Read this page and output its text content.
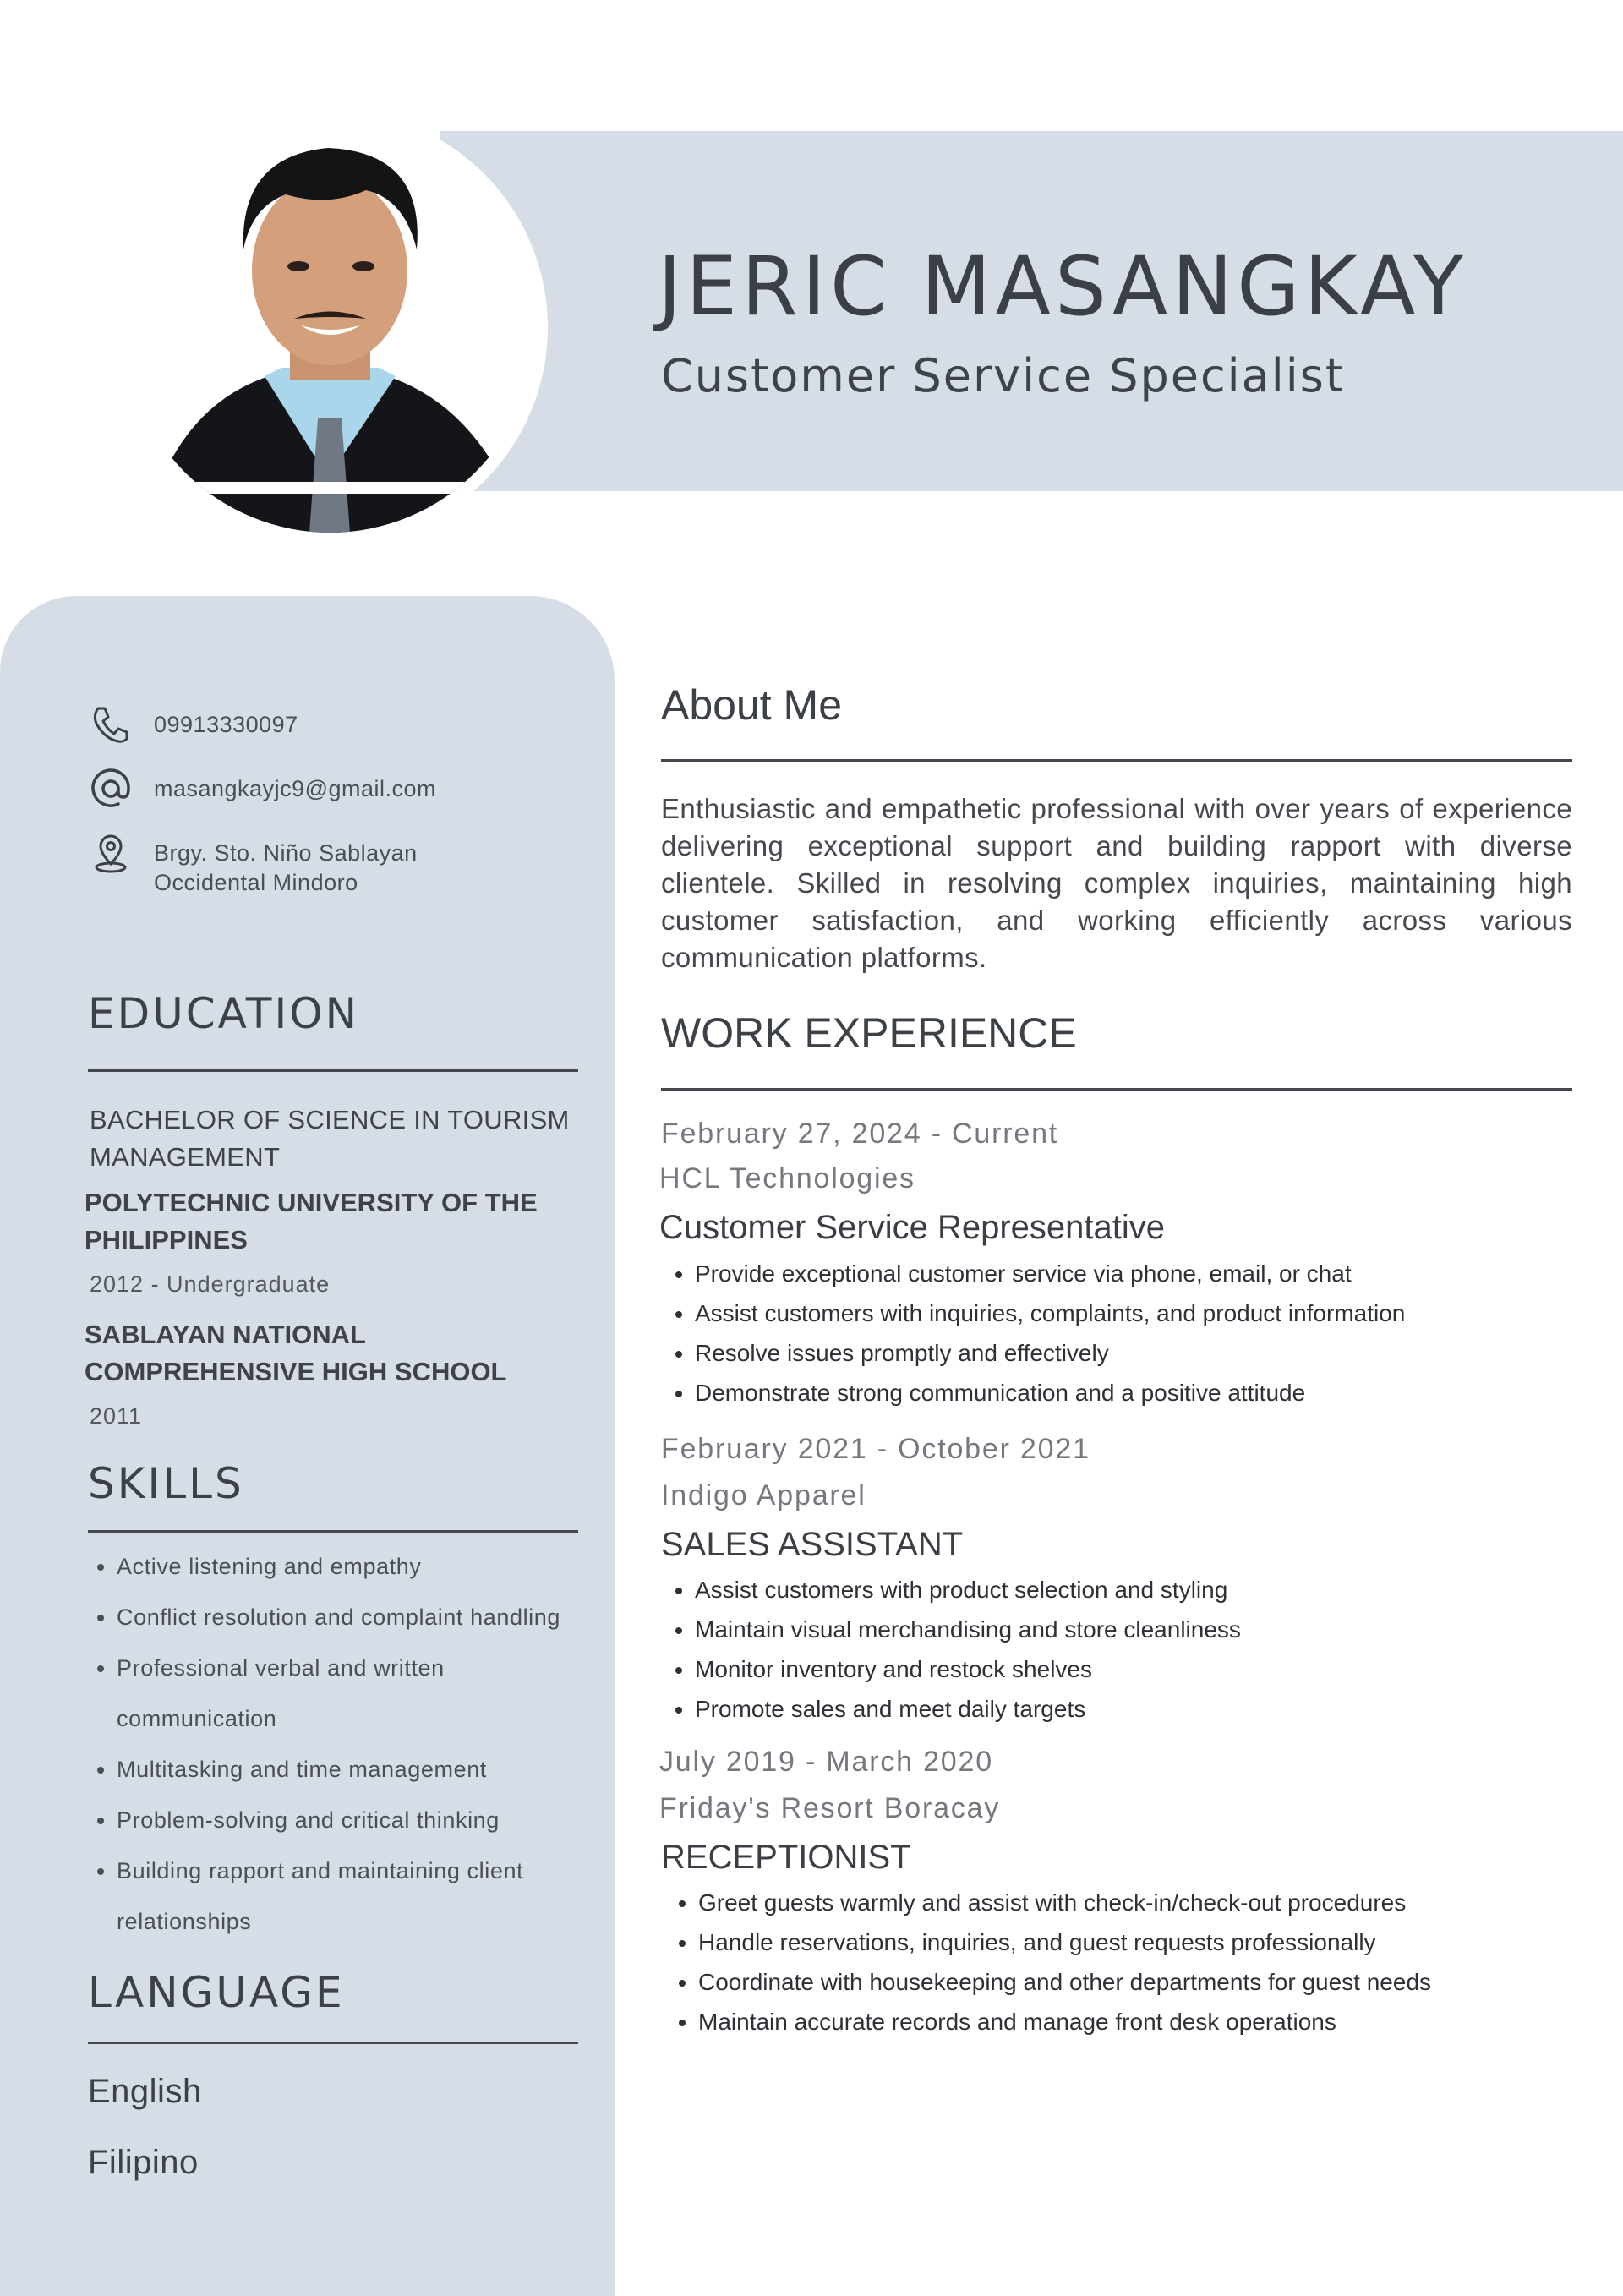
JERIC MASANGKAY
Customer Service Specialist
09913330097
masangkayjc9@gmail.com
Brgy. Sto. Niño Sablayan
Occidental Mindoro
EDUCATION
BACHELOR OF SCIENCE IN TOURISM MANAGEMENT
POLYTECHNIC UNIVERSITY OF THE PHILIPPINES
2012 - Undergraduate
SABLAYAN NATIONAL COMPREHENSIVE HIGH SCHOOL
2011
SKILLS
• Active listening and empathy
• Conflict resolution and complaint handling
• Professional verbal and written communication
• Multitasking and time management
• Problem-solving and critical thinking
• Building rapport and maintaining client relationships
LANGUAGE
English
Filipino
About Me
Enthusiastic and empathetic professional with over years of experience delivering exceptional support and building rapport with diverse clientele. Skilled in resolving complex inquiries, maintaining high customer satisfaction, and working efficiently across various communication platforms.
WORK EXPERIENCE
February 27, 2024 - Current
HCL Technologies
Customer Service Representative
• Provide exceptional customer service via phone, email, or chat
• Assist customers with inquiries, complaints, and product information
• Resolve issues promptly and effectively
• Demonstrate strong communication and a positive attitude
February 2021 - October 2021
Indigo Apparel
SALES ASSISTANT
• Assist customers with product selection and styling
• Maintain visual merchandising and store cleanliness
• Monitor inventory and restock shelves
• Promote sales and meet daily targets
July 2019 - March 2020
Friday's Resort Boracay
RECEPTIONIST
• Greet guests warmly and assist with check-in/check-out procedures
• Handle reservations, inquiries, and guest requests professionally
• Coordinate with housekeeping and other departments for guest needs
• Maintain accurate records and manage front desk operations
